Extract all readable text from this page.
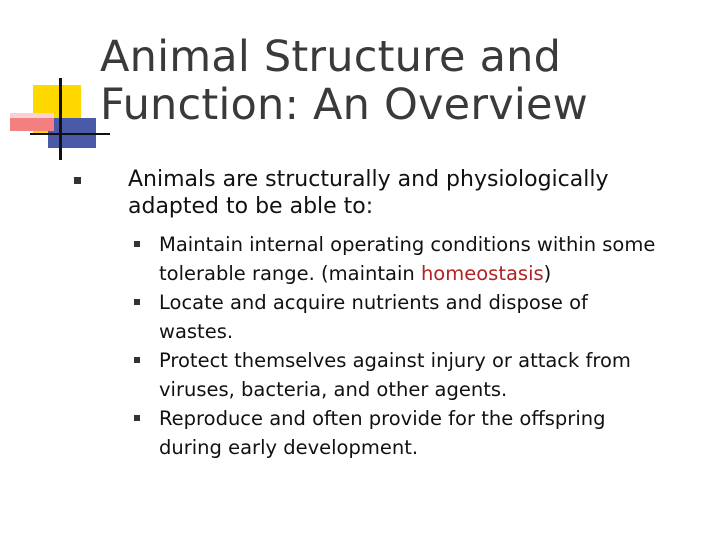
Animal Structure and
Function: An Overview
Animals are structurally and physiologically
adapted to be able to:
Maintain internal operating conditions within some
tolerable range. (maintain homeostasis)
Locate and acquire nutrients and dispose of
wastes.
Protect themselves against injury or attack from
viruses, bacteria, and other agents.
Reproduce and often provide for the offspring
during early development.
